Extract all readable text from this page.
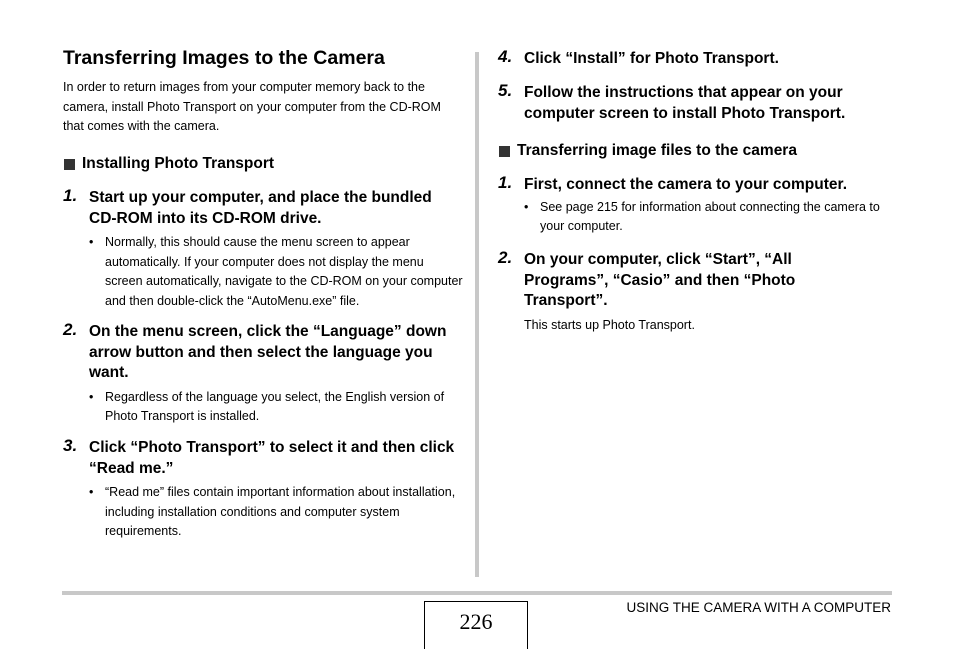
Transferring Images to the Camera

In order to return images from your computer memory back to the camera, install Photo Transport on your computer from the CD-ROM that comes with the camera.

Installing Photo Transport
1. Start up your computer, and place the bundled CD-ROM into its CD-ROM drive.
• Normally, this should cause the menu screen to appear automatically. If your computer does not display the menu screen automatically, navigate to the CD-ROM on your computer and then double-click the “AutoMenu.exe” file.
2. On the menu screen, click the “Language” down arrow button and then select the language you want.
• Regardless of the language you select, the English version of Photo Transport is installed.
3. Click “Photo Transport” to select it and then click “Read me.”
• “Read me” files contain important information about installation, including installation conditions and computer system requirements.
4. Click “Install” for Photo Transport.
5. Follow the instructions that appear on your computer screen to install Photo Transport.
Transferring image files to the camera
1. First, connect the camera to your computer.
• See page 215 for information about connecting the camera to your computer.
2. On your computer, click “Start”, “All Programs”, “Casio” and then “Photo Transport”.
This starts up Photo Transport.
226
USING THE CAMERA WITH A COMPUTER
